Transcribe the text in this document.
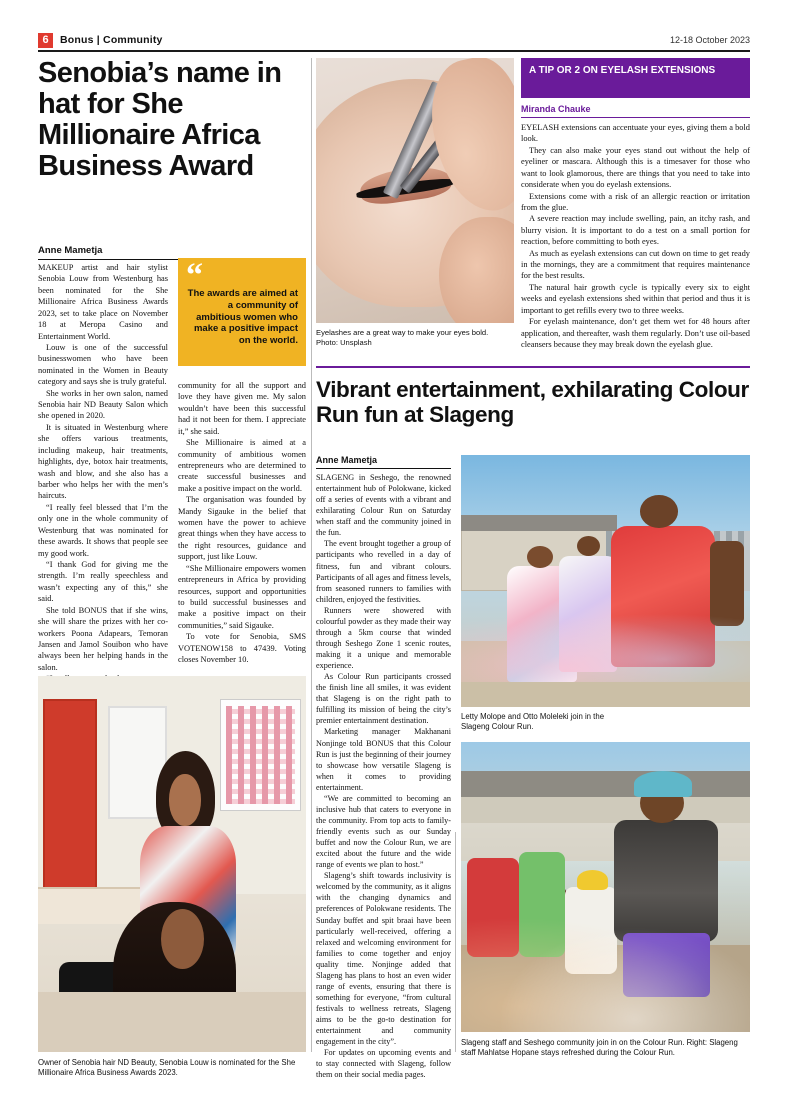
6	Bonus | Community	12-18 October 2023
Senobia’s name in hat for She Millionaire Africa Business Award
Anne Mametja

MAKEUP artist and hair stylist Senobia Louw from Westenburg has been nominated for the She Millionaire Africa Business Awards 2023, set to take place on November 18 at Meropa Casino and Entertainment World.

Louw is one of the successful businesswomen who have been nominated in the Women in Beauty category and says she is truly grateful.

She works in her own salon, named Senobia hair ND Beauty Salon which she opened in 2020.

It is situated in Westenburg where she offers various treatments, including makeup, hair treatments, highlights, dye, botox hair treatments, wash and blow, and she also has a barber who helps her with the men’s haircuts.

“I really feel blessed that I’m the only one in the whole community of Westenburg that was nominated for these awards. It shows that people see my good work.

“I thank God for giving me the strength. I’m really speechless and wasn’t expecting any of this,” she said.

She told BONUS that if she wins, she will share the prizes with her co-workers Poona Adapears, Temoran Jansen and Jamol Souibon who have always been her helping hands in the salon.

“
The awards are aimed at a community of ambitious women who make a positive impact on the world.

community for all the support and love they have given me. My salon wouldn’t have been this successful had it not been for them. I appreciate it,” she said.

She Millionaire is aimed at a community of ambitious women entrepreneurs who are determined to create successful businesses and make a positive impact on the world.

The organisation was founded by Mandy Sigauke in the belief that women have the power to achieve great things when they have access to the right resources, guidance and support, just like Louw.

“She Millionaire empowers women entrepreneurs in Africa by providing resources, support and opportunities to build successful businesses and make a positive impact on their communities,” said Sigauke.

To vote for Senobia, SMS VOTENOW158 to 47439. Voting closes November 10.

Owner of Senobia hair ND Beauty, Senobia Louw is nominated for the She Millionaire Africa Business Awards 2023.
Eyelashes are a great way to make your eyes bold.
Photo: Unsplash
A TIP OR 2 ON EYELASH EXTENSIONS
Miranda Chauke

EYELASH extensions can accentuate your eyes, giving them a bold look.

They can also make your eyes stand out without the help of eyeliner or mascara. Although this is a timesaver for those who want to look glamorous, there are things that you need to take into considerate when you do eyelash extensions.

Extensions come with a risk of an allergic reaction or irritation from the glue.

A severe reaction may include swelling, pain, an itchy rash, and blurry vision. It is important to do a test on a small portion for reaction, before committing to both eyes.

As much as eyelash extensions can cut down on time to get ready in the mornings, they are a commitment that requires maintenance for the best results.

The natural hair growth cycle is typically every six to eight weeks and eyelash extensions shed within that period and thus it is important to get refills every two to three weeks.

For eyelash maintenance, don’t get them wet for 48 hours after application, and thereafter, wash them regularly. Don’t use oil-based cleansers because they may break down the eyelash glue.

Vibrant entertainment, exhilarating Colour Run fun at Slageng
Anne Mametja

SLAGENG in Seshego, the renowned entertainment hub of Polokwane, kicked off a series of events with a vibrant and exhilarating Colour Run on Saturday when staff and the community joined in the fun.

The event brought together a group of participants who revelled in a day of fitness, fun and vibrant colours. Participants of all ages and fitness levels, from seasoned runners to families with children, enjoyed the festivities.

Runners were showered with colourful powder as they made their way through a 5km course that winded through Seshego Zone 1 scenic routes, making it a unique and memorable experience.

As Colour Run participants crossed the finish line all smiles, it was evident that Slageng is on the right path to fulfilling its mission of being the city’s premier entertainment destination.

Marketing manager Makhanani Nonjinge told BONUS that this Colour Run is just the beginning of their journey to showcase how versatile Slageng is when it comes to providing entertainment.

“We are committed to becoming an inclusive hub that caters to everyone in the community. From top acts to family-friendly events such as our Sunday buffet and now the Colour Run, we are excited about the future and the wide range of events we plan to host.”

Slageng’s shift towards inclusivity is welcomed by the community, as it aligns with the changing dynamics and preferences of Polokwane residents. The Sunday buffet and spit braai have been particularly well-received, offering a relaxed and welcoming environment for families to come together and enjoy quality time. Nonjinge added that Slageng has plans to host an even wider range of events, ensuring that there is something for everyone, “from cultural festivals to wellness retreats, Slageng aims to be the go-to destination for entertainment and community engagement in the city”.

For updates on upcoming events and to stay connected with Slageng, follow them on their social media pages.

Letty Molope and Otto Moleleki join in the Slageng Colour Run.
Slageng staff and Seshego community join in on the Colour Run. Right: Slageng staff Mahlatse Hopane stays refreshed during the Colour Run.
